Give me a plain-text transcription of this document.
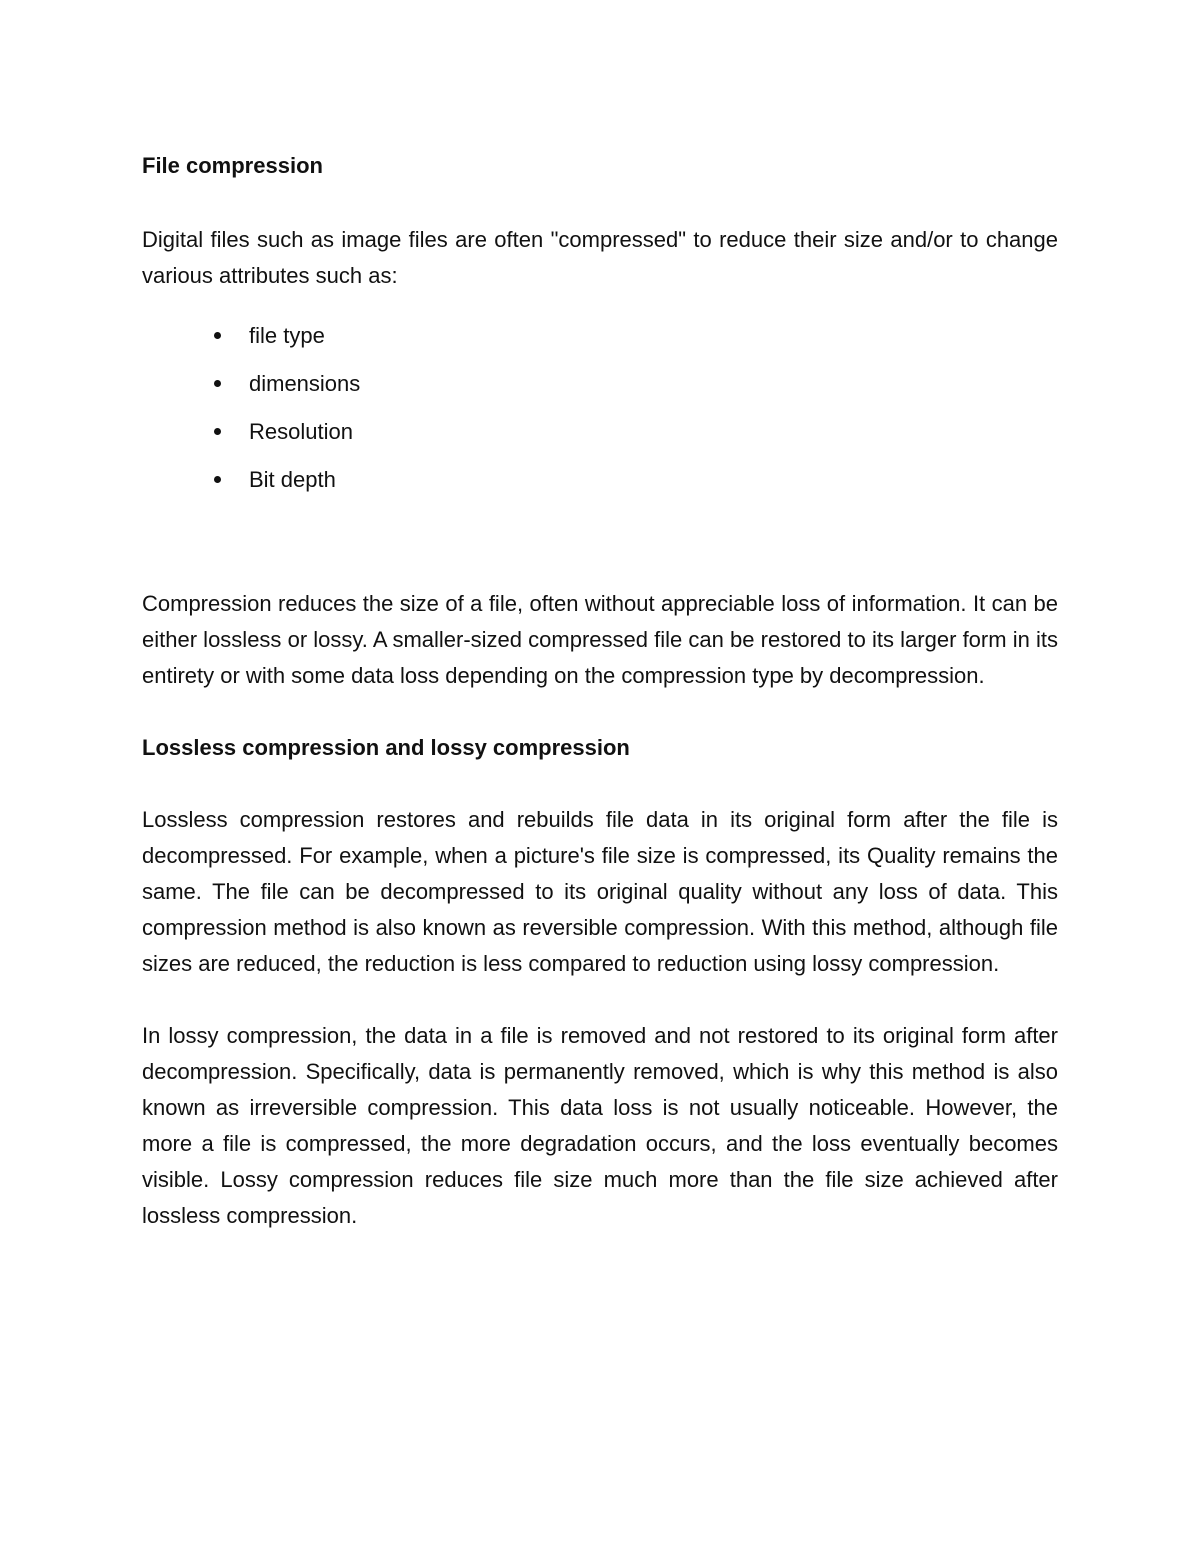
File compression

Digital files such as image files are often "compressed" to reduce their size and/or to change various attributes such as:

file type
dimensions
Resolution
Bit depth

Compression reduces the size of a file, often without appreciable loss of information. It can be either lossless or lossy. A smaller-sized compressed file can be restored to its larger form in its entirety or with some data loss depending on the compression type by decompression.

Lossless compression and lossy compression

Lossless compression restores and rebuilds file data in its original form after the file is decompressed. For example, when a picture's file size is compressed, its Quality remains the same. The file can be decompressed to its original quality without any loss of data. This compression method is also known as reversible compression. With this method, although file sizes are reduced, the reduction is less compared to reduction using lossy compression.

In lossy compression, the data in a file is removed and not restored to its original form after decompression. Specifically, data is permanently removed, which is why this method is also known as irreversible compression. This data loss is not usually noticeable. However, the more a file is compressed, the more degradation occurs, and the loss eventually becomes visible. Lossy compression reduces file size much more than the file size achieved after lossless compression.
